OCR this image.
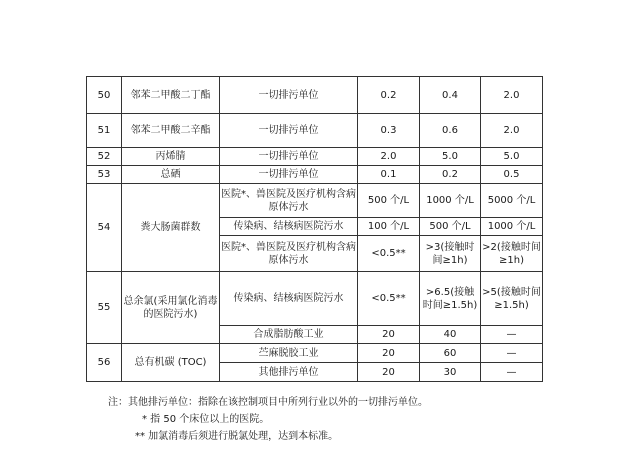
50	邻苯二甲酸二丁酯	一切排污单位	0.2	0.4	2.0
51	邻苯二甲酸二辛酯	一切排污单位	0.3	0.6	2.0
52	丙烯腈	一切排污单位	2.0	5.0	5.0
53	总硒	一切排污单位	0.1	0.2	0.5
54	粪大肠菌群数	医院*、兽医院及医疗机构含病原体污水	500 个/L	1000 个/L	5000 个/L
		传染病、结核病医院污水	100 个/L	500 个/L	1000 个/L
		医院*、兽医院及医疗机构含病原体污水	<0.5**	>3(接触时间≥1h)	>2(接触时间≥1h)
55	总余氯(采用氯化消毒的医院污水)	传染病、结核病医院污水	<0.5**	>6.5(接触时间≥1.5h)	>5(接触时间≥1.5h)
		合成脂肪酸工业	20	40	—
56	总有机碳 (TOC)	苎麻脱胶工业	20	60	—
		其他排污单位	20	30	—
注：其他排污单位：指除在该控制项目中所列行业以外的一切排污单位。
* 指 50 个床位以上的医院。
** 加氯消毒后须进行脱氯处理，达到本标准。
